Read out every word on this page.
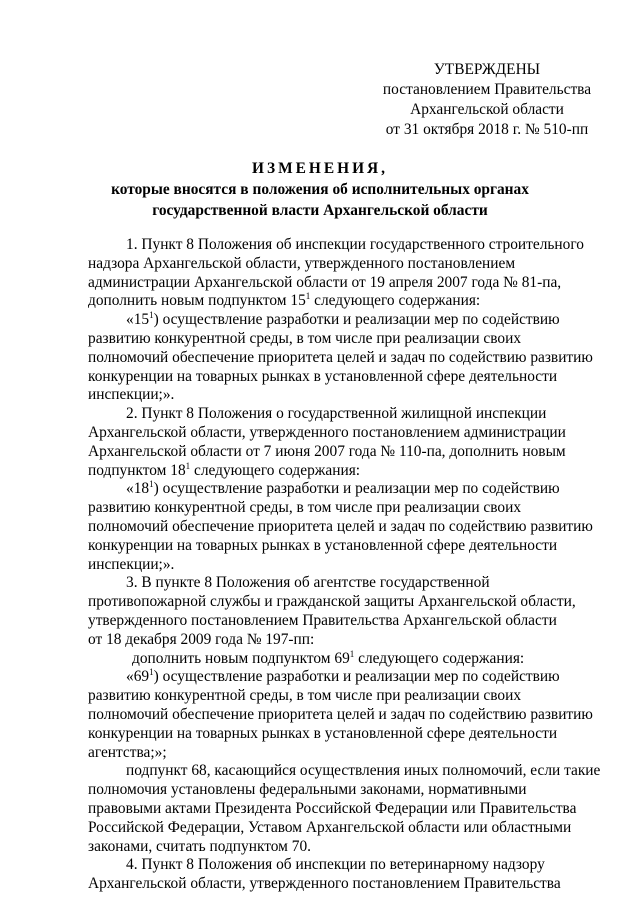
УТВЕРЖДЕНЫ
постановлением Правительства
Архангельской области
от 31 октября 2018 г. № 510-пп
ИЗМЕНЕНИЯ,
которые вносятся в положения об исполнительных органах
государственной власти Архангельской области
1. Пункт 8 Положения об инспекции государственного строительного
надзора Архангельской области, утвержденного постановлением
администрации Архангельской области от 19 апреля 2007 года № 81-па,
дополнить новым подпунктом $15^1$ следующего содержания:
«$15^1$) осуществление разработки и реализации мер по содействию
развитию конкурентной среды, в том числе при реализации своих
полномочий обеспечение приоритета целей и задач по содействию развитию
конкуренции на товарных рынках в установленной сфере деятельности
инспекции;».
2. Пункт 8 Положения о государственной жилищной инспекции
Архангельской области, утвержденного постановлением администрации
Архангельской области от 7 июня 2007 года № 110-па, дополнить новым
подпунктом $18^1$ следующего содержания:
«$18^1$) осуществление разработки и реализации мер по содействию
развитию конкурентной среды, в том числе при реализации своих
полномочий обеспечение приоритета целей и задач по содействию развитию
конкуренции на товарных рынках в установленной сфере деятельности
инспекции;».
3. В пункте 8 Положения об агентстве государственной
противопожарной службы и гражданской защиты Архангельской области,
утвержденного постановлением Правительства Архангельской области
от 18 декабря 2009 года № 197-пп:
дополнить новым подпунктом $69^1$ следующего содержания:
«$69^1$) осуществление разработки и реализации мер по содействию
развитию конкурентной среды, в том числе при реализации своих
полномочий обеспечение приоритета целей и задач по содействию развитию
конкуренции на товарных рынках в установленной сфере деятельности
агентства;»;
подпункт 68, касающийся осуществления иных полномочий, если такие
полномочия установлены федеральными законами, нормативными
правовыми актами Президента Российской Федерации или Правительства
Российской Федерации, Уставом Архангельской области или областными
законами, считать подпунктом 70.
4. Пункт 8 Положения об инспекции по ветеринарному надзору
Архангельской области, утвержденного постановлением Правительства
